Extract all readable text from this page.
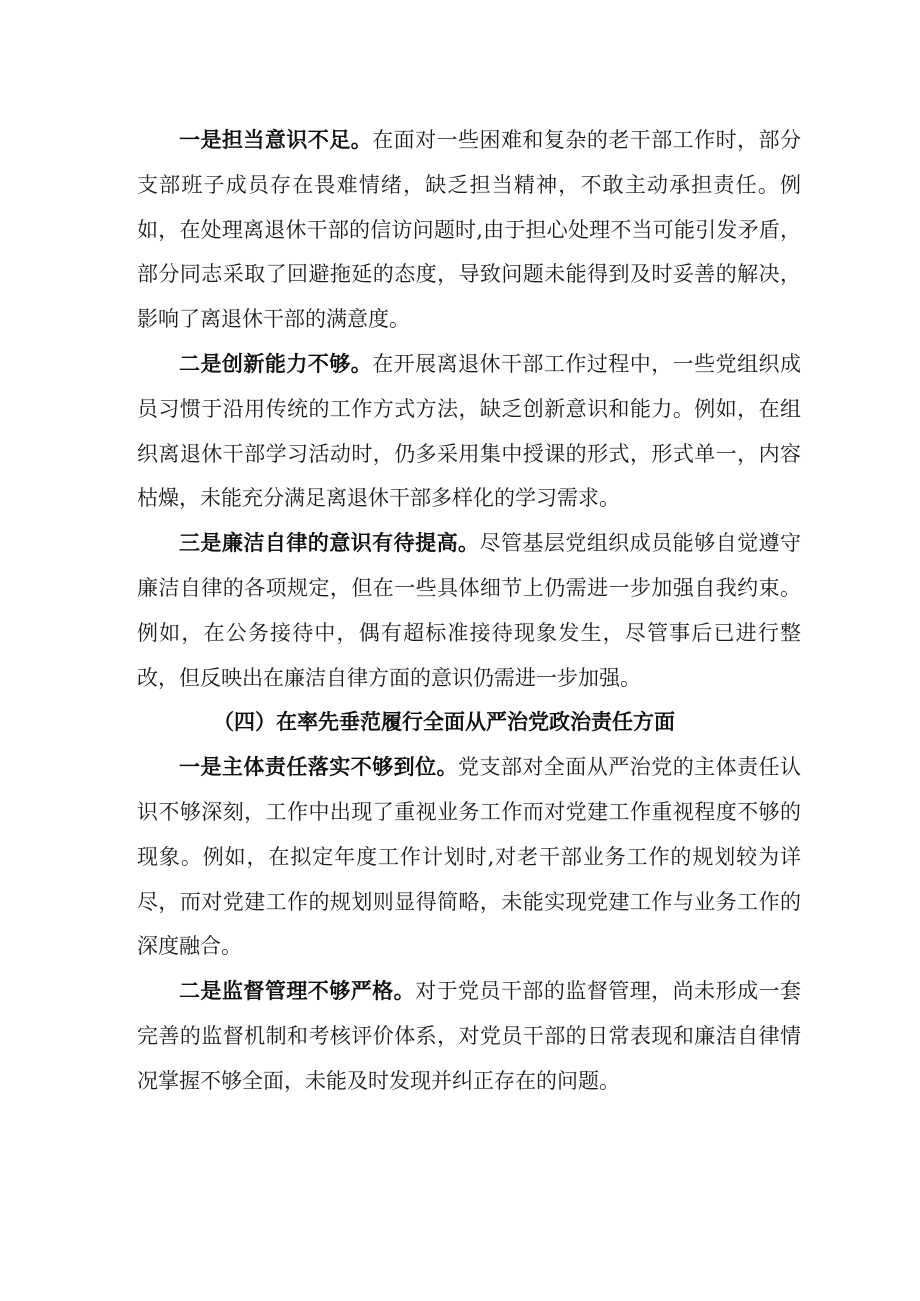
一是担当意识不足。在面对一些困难和复杂的老干部工作时，部分支部班子成员存在畏难情绪，缺乏担当精神，不敢主动承担责任。例如，在处理离退休干部的信访问题时,由于担心处理不当可能引发矛盾，部分同志采取了回避拖延的态度，导致问题未能得到及时妥善的解决，影响了离退休干部的满意度。

二是创新能力不够。在开展离退休干部工作过程中，一些党组织成员习惯于沿用传统的工作方式方法，缺乏创新意识和能力。例如，在组织离退休干部学习活动时，仍多采用集中授课的形式，形式单一，内容枯燥，未能充分满足离退休干部多样化的学习需求。

三是廉洁自律的意识有待提高。尽管基层党组织成员能够自觉遵守廉洁自律的各项规定，但在一些具体细节上仍需进一步加强自我约束。例如，在公务接待中，偶有超标准接待现象发生，尽管事后已进行整改，但反映出在廉洁自律方面的意识仍需进一步加强。

（四）在率先垂范履行全面从严治党政治责任方面

一是主体责任落实不够到位。党支部对全面从严治党的主体责任认识不够深刻，工作中出现了重视业务工作而对党建工作重视程度不够的现象。例如，在拟定年度工作计划时,对老干部业务工作的规划较为详尽，而对党建工作的规划则显得简略，未能实现党建工作与业务工作的深度融合。

二是监督管理不够严格。对于党员干部的监督管理，尚未形成一套完善的监督机制和考核评价体系，对党员干部的日常表现和廉洁自律情况掌握不够全面，未能及时发现并纠正存在的问题。
